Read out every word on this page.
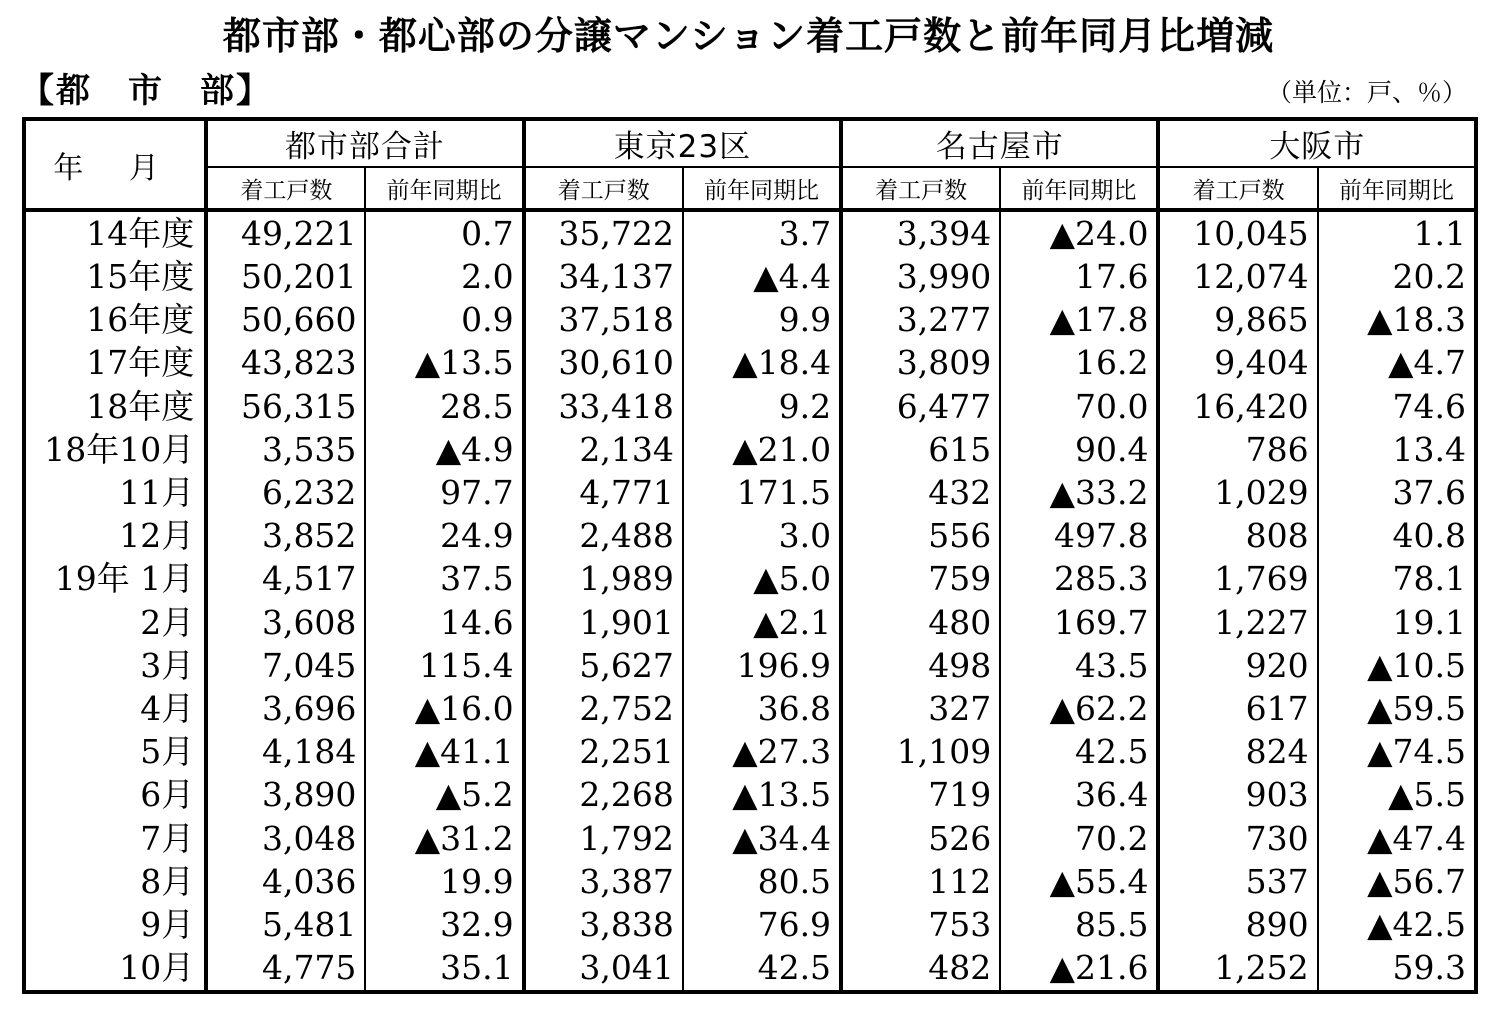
都市部・都心部の分譲マンション着工戸数と前年同月比増減
【都　市　部】	（単位：戸、％）
年 月	都市部合計		東京23区		名古屋市		大阪市	
	着工戸数	前年同期比	着工戸数	前年同期比	着工戸数	前年同期比	着工戸数	前年同期比
14年度	49,221	0.7	35,722	3.7	3,394	▲24.0	10,045	1.1
15年度	50,201	2.0	34,137	▲4.4	3,990	17.6	12,074	20.2
16年度	50,660	0.9	37,518	9.9	3,277	▲17.8	9,865	▲18.3
17年度	43,823	▲13.5	30,610	▲18.4	3,809	16.2	9,404	▲4.7
18年度	56,315	28.5	33,418	9.2	6,477	70.0	16,420	74.6
18年10月	3,535	▲4.9	2,134	▲21.0	615	90.4	786	13.4
11月	6,232	97.7	4,771	171.5	432	▲33.2	1,029	37.6
12月	3,852	24.9	2,488	3.0	556	497.8	808	40.8
19年 1月	4,517	37.5	1,989	▲5.0	759	285.3	1,769	78.1
2月	3,608	14.6	1,901	▲2.1	480	169.7	1,227	19.1
3月	7,045	115.4	5,627	196.9	498	43.5	920	▲10.5
4月	3,696	▲16.0	2,752	36.8	327	▲62.2	617	▲59.5
5月	4,184	▲41.1	2,251	▲27.3	1,109	42.5	824	▲74.5
6月	3,890	▲5.2	2,268	▲13.5	719	36.4	903	▲5.5
7月	3,048	▲31.2	1,792	▲34.4	526	70.2	730	▲47.4
8月	4,036	19.9	3,387	80.5	112	▲55.4	537	▲56.7
9月	5,481	32.9	3,838	76.9	753	85.5	890	▲42.5
10月	4,775	35.1	3,041	42.5	482	▲21.6	1,252	59.3
